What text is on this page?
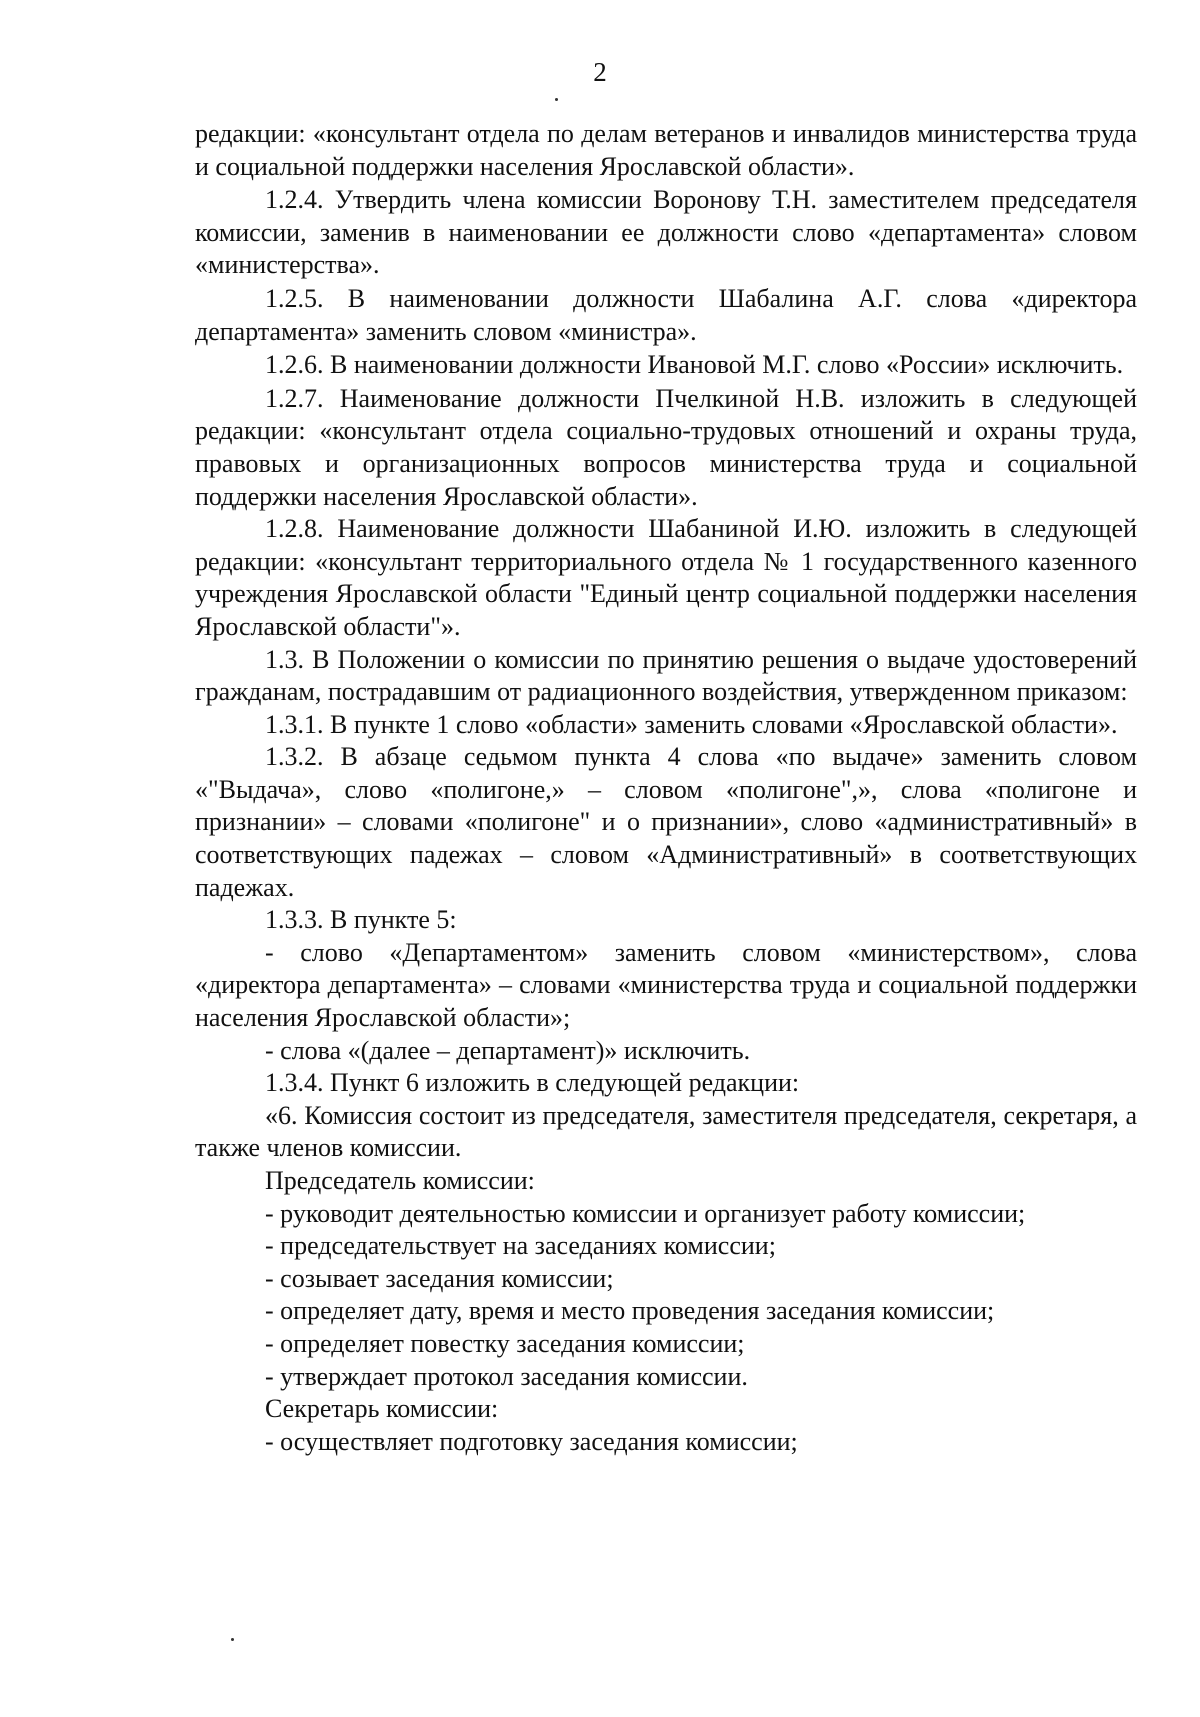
2

редакции: «консультант отдела по делам ветеранов и инвалидов министерства труда и социальной поддержки населения Ярославской области».

1.2.4. Утвердить члена комиссии Воронову Т.Н. заместителем председателя комиссии, заменив в наименовании ее должности слово «департамента» словом «министерства».

1.2.5. В наименовании должности Шабалина А.Г. слова «директора департамента» заменить словом «министра».

1.2.6. В наименовании должности Ивановой М.Г. слово «России» исключить.

1.2.7. Наименование должности Пчелкиной Н.В. изложить в следующей редакции: «консультант отдела социально-трудовых отношений и охраны труда, правовых и организационных вопросов министерства труда и социальной поддержки населения Ярославской области».

1.2.8. Наименование должности Шабаниной И.Ю. изложить в следующей редакции: «консультант территориального отдела № 1 государственного казенного учреждения Ярославской области "Единый центр социальной поддержки населения Ярославской области"».

1.3. В Положении о комиссии по принятию решения о выдаче удостоверений гражданам, пострадавшим от радиационного воздействия, утвержденном приказом:

1.3.1. В пункте 1 слово «области» заменить словами «Ярославской области».

1.3.2. В абзаце седьмом пункта 4 слова «по выдаче» заменить словом «"Выдача», слово «полигоне,» – словом «полигоне",», слова «полигоне и признании» – словами «полигоне" и о признании», слово «административный» в соответствующих падежах – словом «Административный» в соответствующих падежах.

1.3.3. В пункте 5:

- слово «Департаментом» заменить словом «министерством», слова «директора департамента» – словами «министерства труда и социальной поддержки населения Ярославской области»;

- слова «(далее – департамент)» исключить.

1.3.4. Пункт 6 изложить в следующей редакции:

«6. Комиссия состоит из председателя, заместителя председателя, секретаря, а также членов комиссии.

Председатель комиссии:

- руководит деятельностью комиссии и организует работу комиссии;

- председательствует на заседаниях комиссии;

- созывает заседания комиссии;

- определяет дату, время и место проведения заседания комиссии;

- определяет повестку заседания комиссии;

- утверждает протокол заседания комиссии.

Секретарь комиссии:

- осуществляет подготовку заседания комиссии;
